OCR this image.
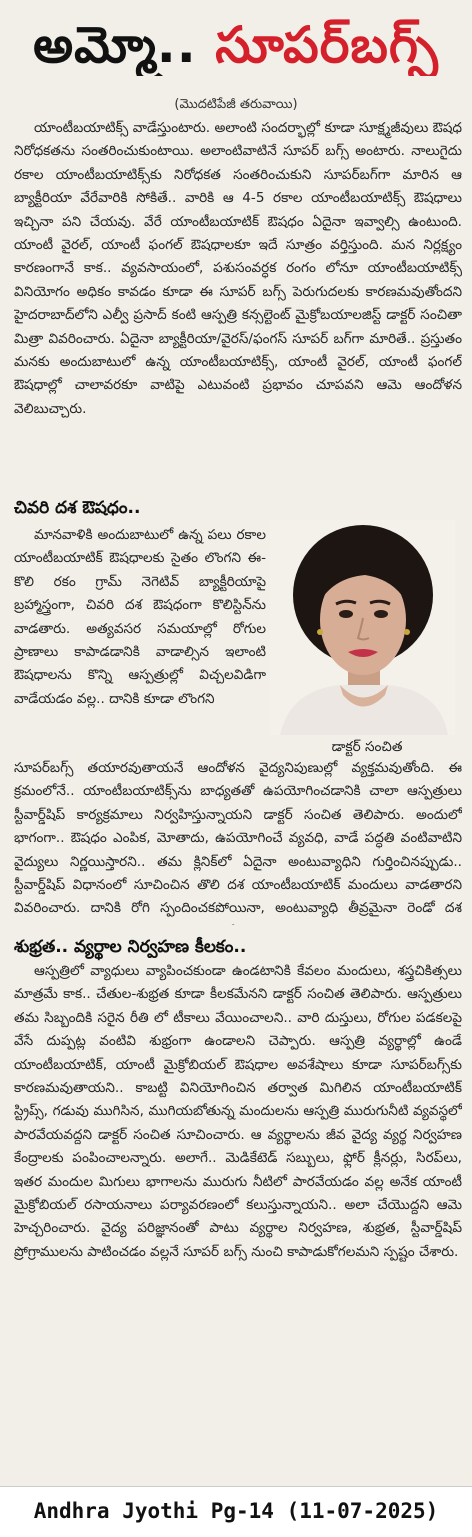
అమ్మో.. సూపర్‌బగ్స్
(మొదటిపేజీ తరువాయి)

యాంటీబయాటిక్స్ వాడేస్తుంటారు. అలాంటి సందర్భాల్లో కూడా సూక్ష్మజీవులు ఔషధ నిరోధకతను సంతరించుకుంటాయి. అలాంటివాటినే సూపర్ బగ్స్ అంటారు. నాలుగైదు రకాల యాంటీబయాటిక్స్‌కు నిరోధకత సంతరించుకుని సూపర్‌బగ్‌గా మారిన ఆ బ్యాక్టీరియా వేరేవారికి సోకితే.. వారికి ఆ 4-5 రకాల యాంటీబయాటిక్స్ ఔషధాలు ఇచ్చినా పని చేయవు. వేరే యాంటీబయాటిక్ ఔషధం ఏదైనా ఇవ్వాల్సి ఉంటుంది. యాంటీ వైరల్, యాంటీ ఫంగల్ ఔషధాలకూ ఇదే సూత్రం వర్తిస్తుంది. మన నిర్లక్ష్యం కారణంగానే కాక.. వ్యవసాయంలో, పశుసంవర్ధక రంగం లోనూ యాంటీబయాటిక్స్ వినియోగం అధికం కావడం కూడా ఈ సూపర్ బగ్స్ పెరుగుదలకు కారణమవుతోందని హైదరాబాద్‌లోని ఎల్వీ ప్రసాద్ కంటి ఆస్పత్రి కన్సల్టెంట్ మైక్రోబయాలజిస్ట్ డాక్టర్ సంచితా మిత్రా వివరించారు. ఏదైనా బ్యాక్టీరియా/వైరస్/ఫంగస్ సూపర్ బగ్‌గా మారితే.. ప్రస్తుతం మనకు అందుబాటులో ఉన్న యాంటీబయాటిక్స్, యాంటీ వైరల్, యాంటీ ఫంగల్ ఔషధాల్లో చాలావరకూ వాటిపై ఎటువంటి ప్రభావం చూపవని ఆమె ఆందోళన వెలిబుచ్చారు.

చివరి దశ ఔషధం..

మానవాళికి అందుబాటులో ఉన్న పలు రకాల యాంటీబయాటిక్ ఔషధాలకు సైతం లొంగని ఈ-కొలి రకం గ్రామ్ నెగెటివ్ బ్యాక్టీరియాపై బ్రహ్మాస్త్రంగా, చివరి దశ ఔషధంగా కొలిస్టిన్‌ను వాడతారు. అత్యవసర సమయాల్లో రోగుల ప్రాణాలు కాపాడడానికి వాడాల్సిన ఇలాంటి ఔషధాలను కొన్ని ఆస్పత్రుల్లో విచ్చలవిడిగా వాడేయడం వల్ల.. దానికి కూడా లొంగని

డాక్టర్ సంచిత

సూపర్‌బగ్స్ తయారవుతాయనే ఆందోళన వైద్యనిపుణుల్లో వ్యక్తమవుతోంది. ఈ క్రమంలోనే.. యాంటీబయాటిక్స్‌ను బాధ్యతతో ఉపయోగించడానికి చాలా ఆస్పత్రులు స్టీవార్డ్‌షిప్ కార్యక్రమాలు నిర్వహిస్తున్నాయని డాక్టర్ సంచిత తెలిపారు. అందులో భాగంగా.. ఔషధం ఎంపిక, మోతాదు, ఉపయోగించే వ్యవధి, వాడే పద్ధతి వంటివాటిని వైద్యులు నిర్ణయిస్తారని.. తమ క్లినిక్‌లో ఏదైనా అంటువ్యాధిని గుర్తించినప్పుడు.. స్టీవార్డ్‌షిప్ విధానంలో సూచించిన తొలి దశ యాంటీబయాటిక్ మందులు వాడతారని వివరించారు. దానికి రోగి స్పందించకపోయినా, అంటువ్యాధి తీవ్రమైనా రెండో దశ

శుభ్రత.. వ్యర్థాల నిర్వహణ కీలకం..

ఆస్పత్రిలో వ్యాధులు వ్యాపించకుండా ఉండటానికి కేవలం మందులు, శస్త్రచికిత్సలు మాత్రమే కాక.. చేతుల-శుభ్రత కూడా కీలకమేనని డాక్టర్ సంచిత తెలిపారు. ఆస్పత్రులు తమ సిబ్బందికి సరైన రీతి లో టీకాలు వేయించాలని.. వారి దుస్తులు, రోగుల పడకలపై వేసే దుప్పట్ల వంటివి శుభ్రంగా ఉండాలని చెప్పారు. ఆస్పత్రి వ్యర్థాల్లో ఉండే యాంటీబయాటిక్, యాంటీ మైక్రోబియల్ ఔషధాల అవశేషాలు కూడా సూపర్‌బగ్స్‌కు కారణమవుతాయని.. కాబట్టి వినియోగించిన తర్వాత మిగిలిన యాంటీబయాటిక్ స్ట్రిప్స్, గడువు ముగిసిన, ముగియబోతున్న మందులను ఆస్పత్రి మురుగునీటి వ్యవస్థలో పారవేయవద్దని డాక్టర్ సంచిత సూచించారు. ఆ వ్యర్థాలను జీవ వైద్య వ్యర్థ నిర్వహణ కేంద్రాలకు పంపించాలన్నారు. అలాగే.. మెడికేటెడ్ సబ్బులు, ఫ్లోర్ క్లీనర్లు, సిరప్‌లు, ఇతర మందుల మిగులు భాగాలను మురుగు నీటిలో పారవేయడం వల్ల అనేక యాంటీ మైక్రోబియల్ రసాయనాలు పర్యావరణంలో కలుస్తున్నాయని.. అలా చేయొద్దని ఆమె హెచ్చరించారు. వైద్య పరిజ్ఞానంతో పాటు వ్యర్థాల నిర్వహణ, శుభ్రత, స్టీవార్డ్‌షిప్ ప్రోగ్రాములను పాటించడం వల్లనే సూపర్ బగ్స్ నుంచి కాపాడుకోగలమని స్పష్టం చేశారు.

Andhra Jyothi Pg-14 (11-07-2025)
